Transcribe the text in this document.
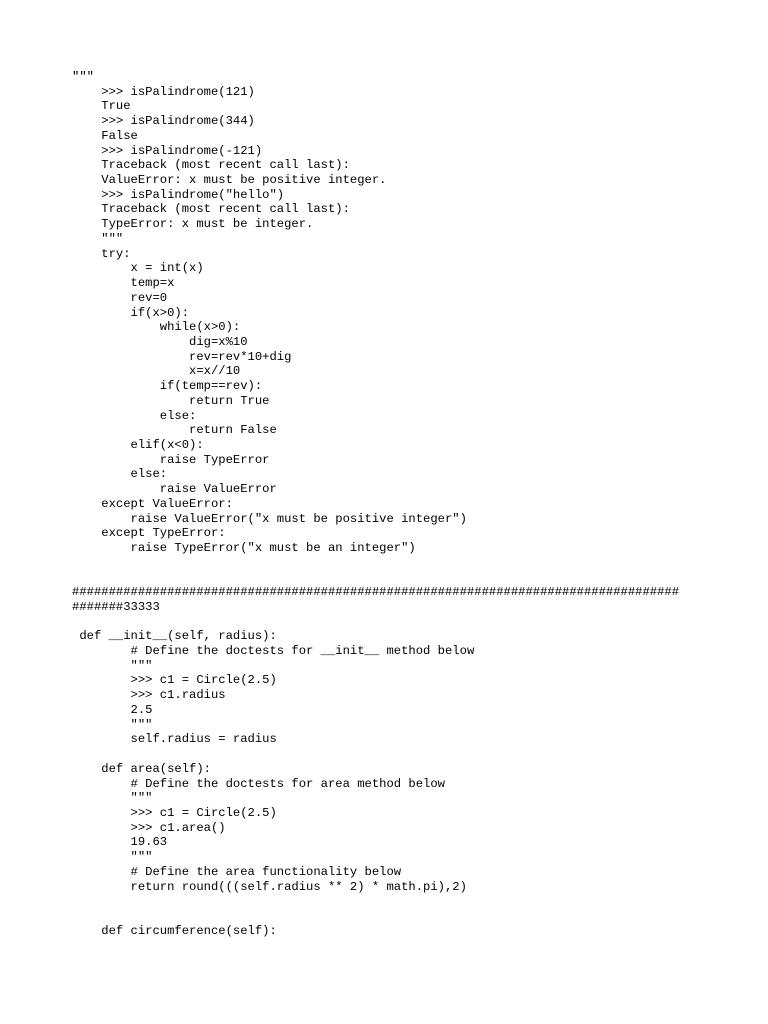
"""
>>> isPalindrome(121)
True
>>> isPalindrome(344)
False
>>> isPalindrome(-121)
Traceback (most recent call last):
ValueError: x must be positive integer.
>>> isPalindrome("hello")
Traceback (most recent call last):
TypeError: x must be integer.
"""
try:
x = int(x)
temp=x
rev=0
if(x>0):
while(x>0):
dig=x%10
rev=rev*10+dig
x=x//10
if(temp==rev):
return True
else:
return False
elif(x<0):
raise TypeError
else:
raise ValueError
except ValueError:
raise ValueError("x must be positive integer")
except TypeError:
raise TypeError("x must be an integer")
###################################################################################
#######33333
def __init__(self, radius):
# Define the doctests for __init__ method below
"""
>>> c1 = Circle(2.5)
>>> c1.radius
2.5
"""
self.radius = radius
def area(self):
# Define the doctests for area method below
"""
>>> c1 = Circle(2.5)
>>> c1.area()
19.63
"""
# Define the area functionality below
return round(((self.radius ** 2) * math.pi),2)
def circumference(self):
